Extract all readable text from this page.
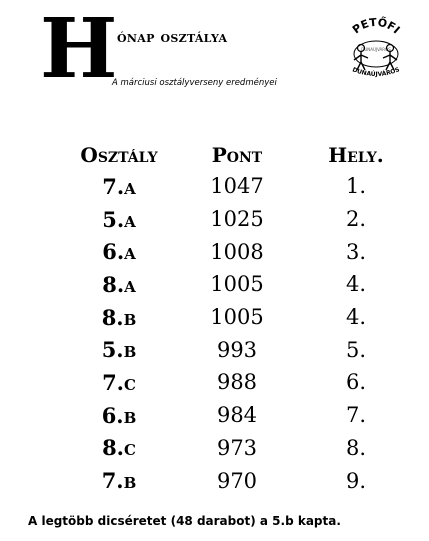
H ónap osztálya
A márciusi osztályverseny eredményei
PETŐFI
DUNAÚJVÁROS
DUNAÚJVÁROS
Osztály	Pont	Hely.
7.a	1047	1.
5.a	1025	2.
6.a	1008	3.
8.a	1005	4.
8.b	1005	4.
5.b	993	5.
7.c	988	6.
6.b	984	7.
8.c	973	8.
7.b	970	9.
A legtöbb dicséretet (48 darabot) a 5.b kapta.
